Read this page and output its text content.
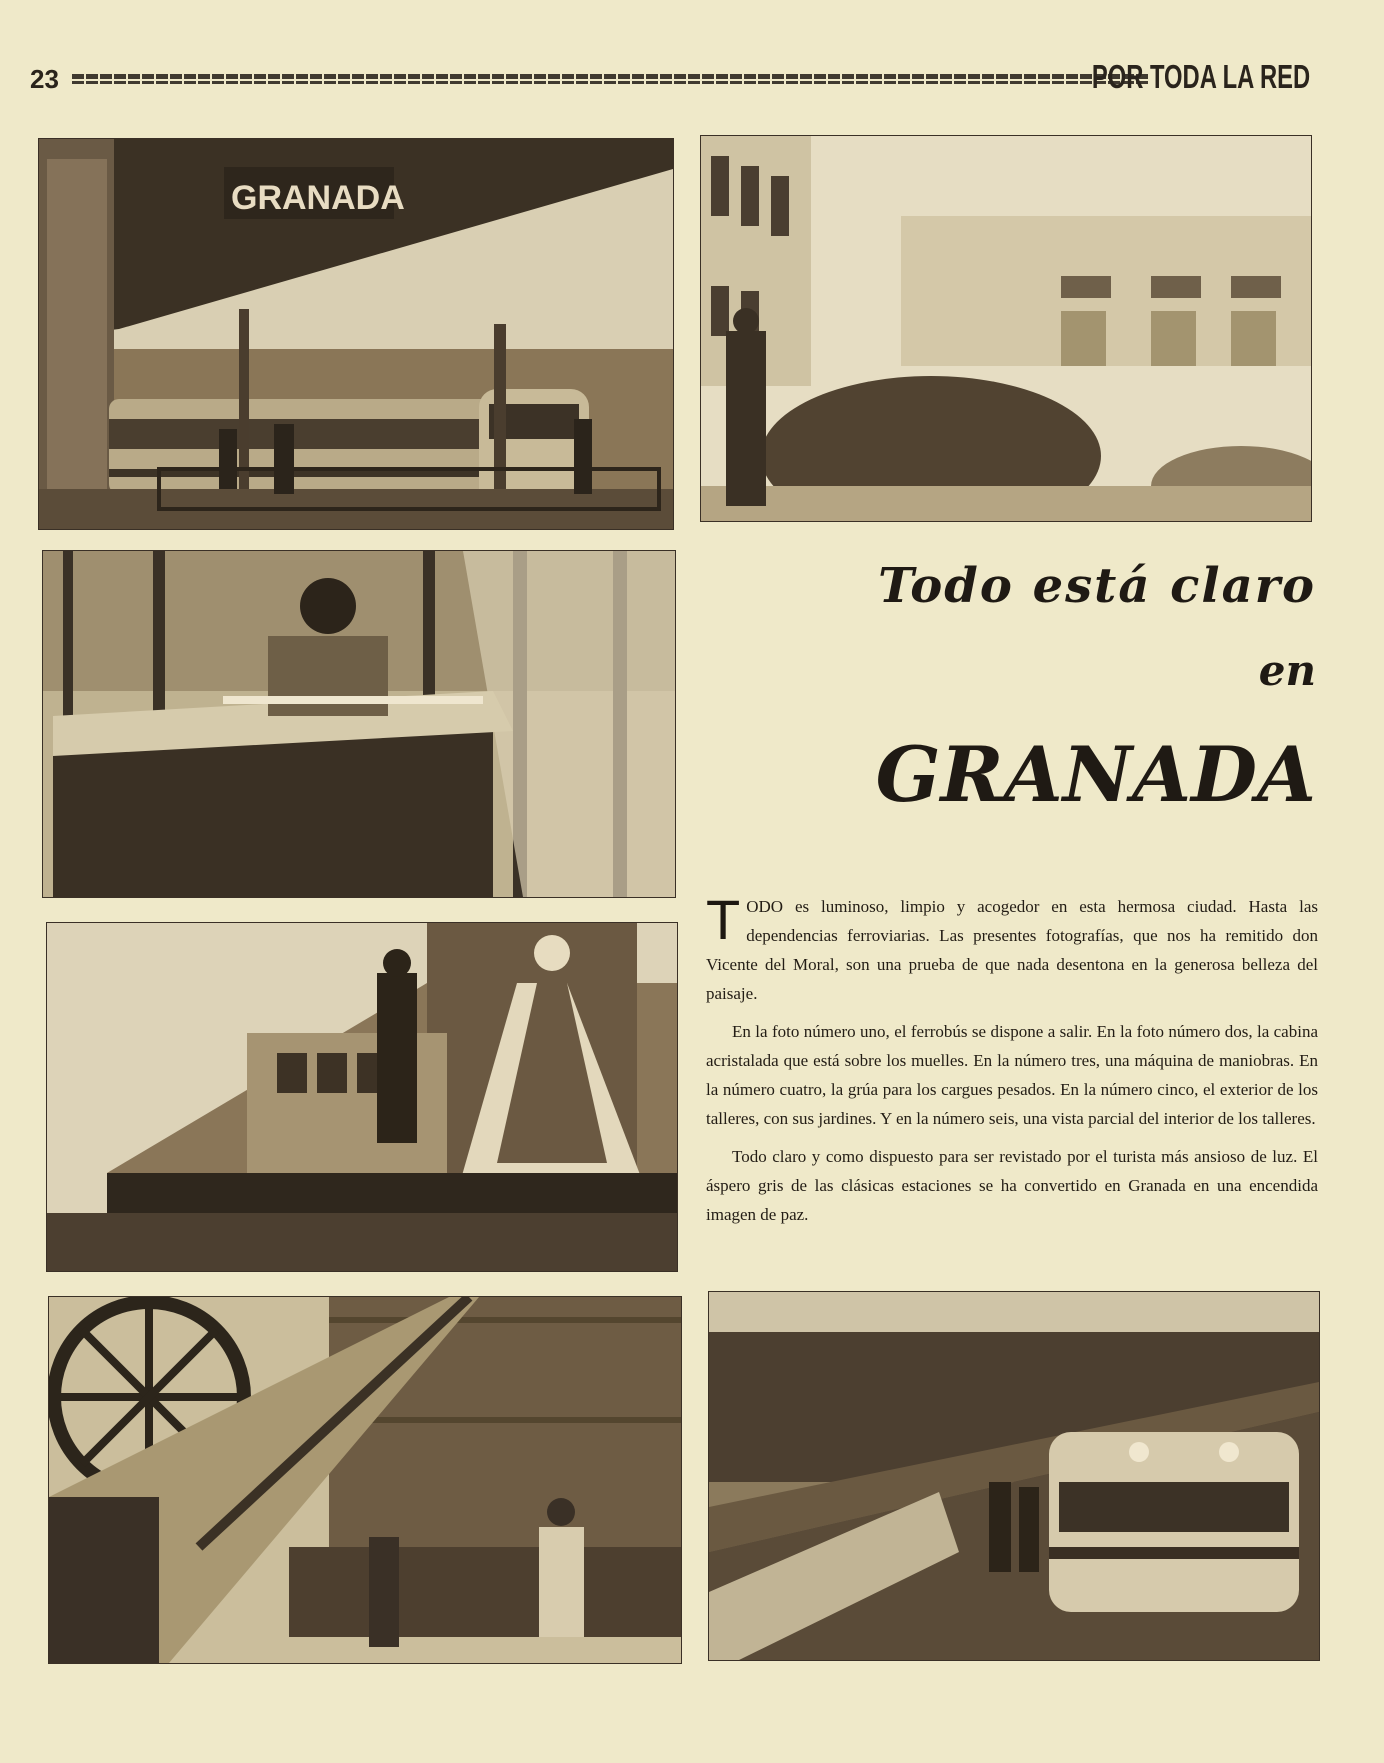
23	POR TODA LA RED
GRANADA
Todo está claro
en
GRANADA

TODO es luminoso, limpio y acogedor en esta hermosa ciudad. Hasta las dependencias ferroviarias. Las presentes fotografías, que nos ha remitido don Vicente del Moral, son una prueba de que nada desentona en la generosa belleza del paisaje.

En la foto número uno, el ferrobús se dispone a salir. En la foto número dos, la cabina acristalada que está sobre los muelles. En la número tres, una máquina de maniobras. En la número cuatro, la grúa para los cargues pesados. En la número cinco, el exterior de los talleres, con sus jardines. Y en la número seis, una vista parcial del interior de los talleres.

Todo claro y como dispuesto para ser revistado por el turista más ansioso de luz. El áspero gris de las clásicas estaciones se ha convertido en Granada en una encendida imagen de paz.
